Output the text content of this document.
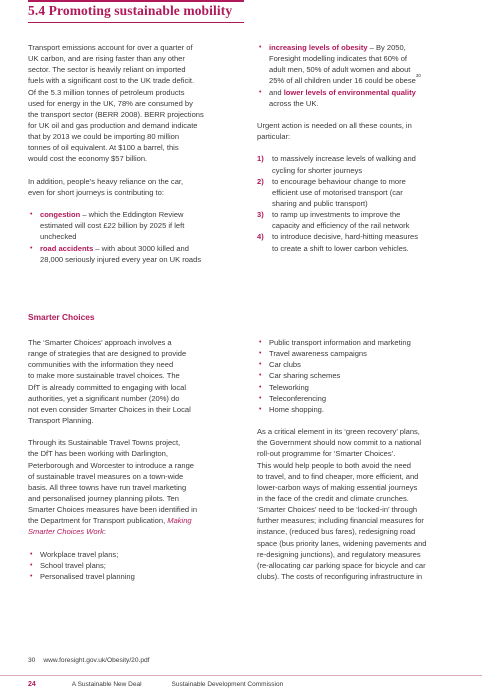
5.4 Promoting sustainable mobility
Transport emissions account for over a quarter of
UK carbon, and are rising faster than any other
sector. The sector is heavily reliant on imported
fuels with a significant cost to the UK trade deficit.
Of the 5.3 million tonnes of petroleum products
used for energy in the UK, 78% are consumed by
the transport sector (BERR 2008). BERR projections
for UK oil and gas production and demand indicate
that by 2013 we could be importing 80 million
tonnes of oil equivalent. At $100 a barrel, this
would cost the economy $57 billion.
In addition, people’s heavy reliance on the car,
even for short journeys is contributing to:
• congestion – which the Eddington Review
estimated will cost £22 billion by 2025 if left
unchecked
• road accidents – with about 3000 killed and
28,000 seriously injured every year on UK roads
• increasing levels of obesity – By 2050,
Foresight modelling indicates that 60% of
adult men, 50% of adult women and about
25% of all children under 16 could be obese$^{30}$
• and lower levels of environmental quality
across the UK.
Urgent action is needed on all these counts, in
particular:
1) to massively increase levels of walking and
cycling for shorter journeys
2) to encourage behaviour change to more
efficient use of motorised transport (car
sharing and public transport)
3) to ramp up investments to improve the
capacity and efficiency of the rail network
4) to introduce decisive, hard-hitting measures
to create a shift to lower carbon vehicles.
Smarter Choices
The ‘Smarter Choices’ approach involves a
range of strategies that are designed to provide
communities with the information they need
to make more sustainable travel choices. The
DfT is already committed to engaging with local
authorities, yet a significant number (20%) do
not even consider Smarter Choices in their Local
Transport Planning.
Through its Sustainable Travel Towns project,
the DfT has been working with Darlington,
Peterborough and Worcester to introduce a range
of sustainable travel measures on a town-wide
basis. All three towns have run travel marketing
and personalised journey planning pilots. Ten
Smarter Choices measures have been identified in
the Department for Transport publication, Making
Smarter Choices Work:
• Workplace travel plans;
• School travel plans;
• Personalised travel planning
• Public transport information and marketing
• Travel awareness campaigns
• Car clubs
• Car sharing schemes
• Teleworking
• Teleconferencing
• Home shopping.
As a critical element in its ‘green recovery’ plans,
the Government should now commit to a national
roll-out programme for ‘Smarter Choices’.
This would help people to both avoid the need
to travel, and to find cheaper, more efficient, and
lower-carbon ways of making essential journeys
in the face of the credit and climate crunches.
‘Smarter Choices’ need to be ‘locked-in’ through
further measures; including financial measures for
instance, (reduced bus fares), redesigning road
space (bus priority lanes, widening pavements and
re-designing junctions), and regulatory measures
(re-allocating car parking space for bicycle and car
clubs). The costs of reconfiguring infrastructure in
30 www.foresight.gov.uk/Obesity/20.pdf
24	A Sustainable New Deal	Sustainable Development Commission
